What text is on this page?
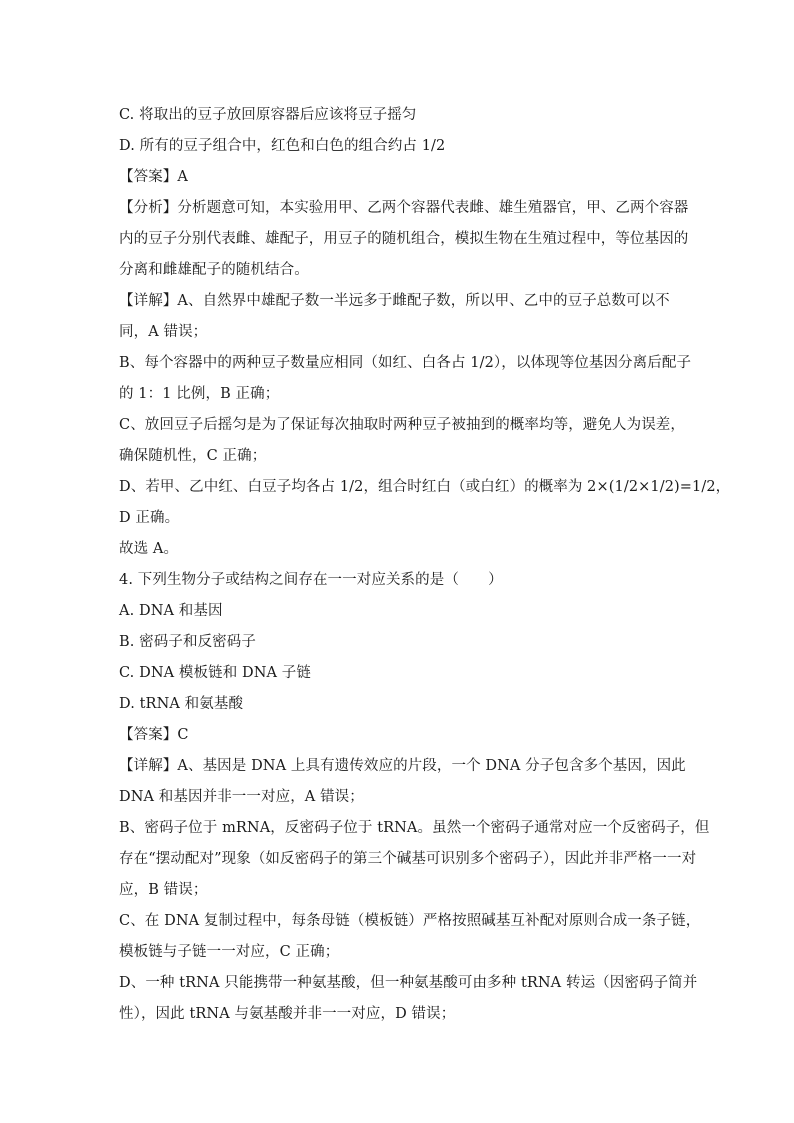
C. 将取出的豆子放回原容器后应该将豆子摇匀
D. 所有的豆子组合中，红色和白色的组合约占 1/2
【答案】A
【分析】分析题意可知，本实验用甲、乙两个容器代表雌、雄生殖器官，甲、乙两个容器
内的豆子分别代表雌、雄配子，用豆子的随机组合，模拟生物在生殖过程中，等位基因的
分离和雌雄配子的随机结合。
【详解】A、自然界中雄配子数一半远多于雌配子数，所以甲、乙中的豆子总数可以不
同，A 错误；
B、每个容器中的两种豆子数量应相同（如红、白各占 1/2），以体现等位基因分离后配子
的 1：1 比例，B 正确；
C、放回豆子后摇匀是为了保证每次抽取时两种豆子被抽到的概率均等，避免人为误差，
确保随机性，C 正确；
D、若甲、乙中红、白豆子均各占 1/2，组合时红白（或白红）的概率为 2×(1/2×1/2)=1/2，
D 正确。
故选 A。
4. 下列生物分子或结构之间存在一一对应关系的是（　　）
A. DNA 和基因
B. 密码子和反密码子
C. DNA 模板链和 DNA 子链
D. tRNA 和氨基酸
【答案】C
【详解】A、基因是 DNA 上具有遗传效应的片段，一个 DNA 分子包含多个基因，因此
DNA 和基因并非一一对应，A 错误；
B、密码子位于 mRNA，反密码子位于 tRNA。虽然一个密码子通常对应一个反密码子，但
存在“摆动配对”现象（如反密码子的第三个碱基可识别多个密码子），因此并非严格一一对
应，B 错误；
C、在 DNA 复制过程中，每条母链（模板链）严格按照碱基互补配对原则合成一条子链，
模板链与子链一一对应，C 正确；
D、一种 tRNA 只能携带一种氨基酸，但一种氨基酸可由多种 tRNA 转运（因密码子简并
性），因此 tRNA 与氨基酸并非一一对应，D 错误；
